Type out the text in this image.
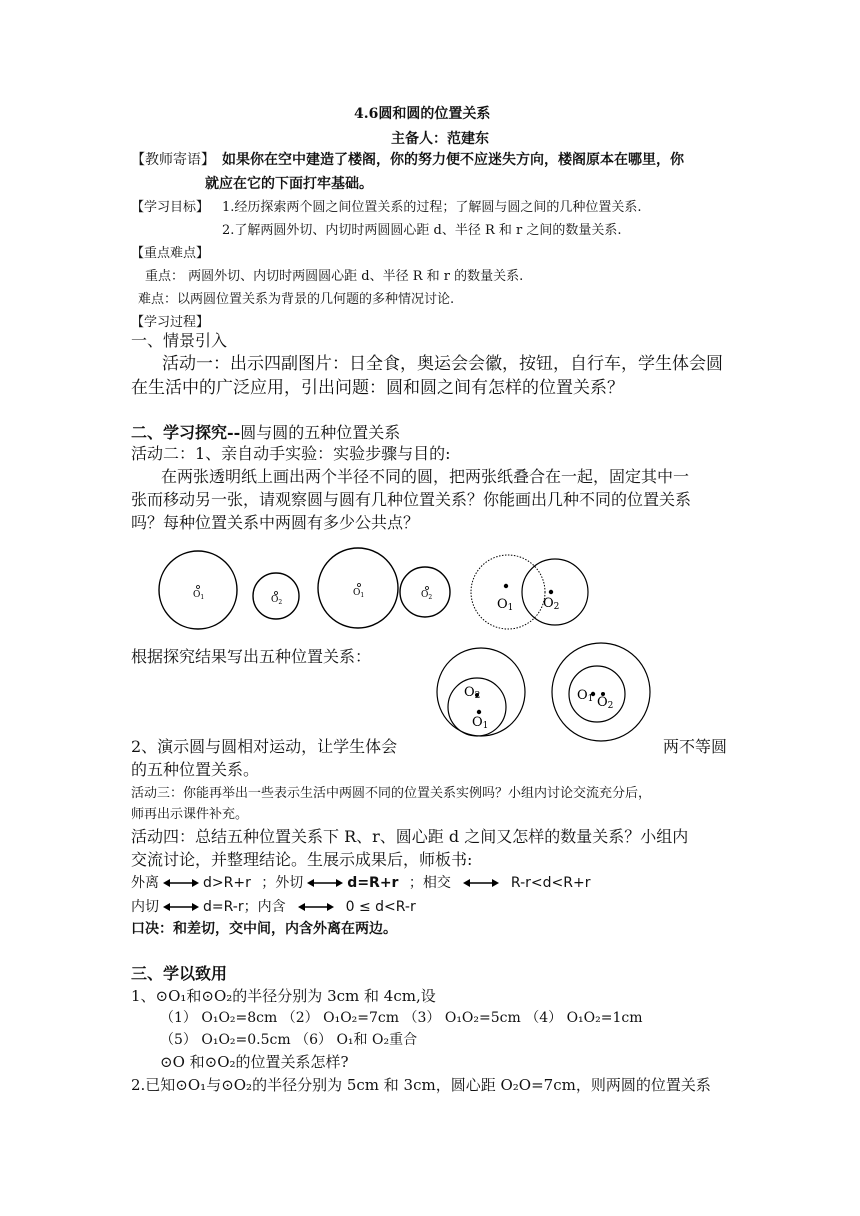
4.6圆和圆的位置关系
主备人：范建东
【教师寄语】 如果你在空中建造了楼阁，你的努力便不应迷失方向，楼阁原本在哪里，你
就应在它的下面打牢基础。
【学习目标】 1.经历探索两个圆之间位置关系的过程；了解圆与圆之间的几种位置关系.
2.了解两圆外切、内切时两圆圆心距 d、半径 R 和 r 之间的数量关系.
【重点难点】
重点： 两圆外切、内切时两圆圆心距 d、半径 R 和 r 的数量关系.
难点：以两圆位置关系为背景的几何题的多种情况讨论.
【学习过程】
一、情景引入
活动一：出示四副图片：日全食，奥运会会徽，按钮，自行车，学生体会圆
在生活中的广泛应用，引出问题：圆和圆之间有怎样的位置关系？
二、学习探究--圆与圆的五种位置关系
活动二：1、亲自动手实验：实验步骤与目的:
在两张透明纸上画出两个半径不同的圆，把两张纸叠合在一起，固定其中一
张而移动另一张，请观察圆与圆有几种位置关系？你能画出几种不同的位置关系
吗？每种位置关系中两圆有多少公共点？
$O_1$	$O_2$
$O_1$	$O_2$	O1 O2
O2
O1
O1 O2
根据探究结果写出五种位置关系：
2、演示圆与圆相对运动，让学生体会	两不等圆
的五种位置关系。
活动三：你能再举出一些表示生活中两圆不同的位置关系实例吗？小组内讨论交流充分后，
师再出示课件补充。
活动四：总结五种位置关系下 R、r、圆心距 d 之间又怎样的数量关系？小组内
交流讨论，并整理结论。生展示成果后，师板书:
外离	d>R+r ；外切	d=R+r ；相交	R-r<d<R+r
内切	d=R-r；内含	0 ≤ d<R-r
口决：和差切，交中间，内含外离在两边。
三、学以致用
1、⊙O₁和⊙O₂的半径分别为 3cm 和 4cm,设
（1） O₁O₂=8cm （2） O₁O₂=7cm （3） O₁O₂=5cm （4） O₁O₂=1cm
（5） O₁O₂=0.5cm （6） O₁和 O₂重合
⊙O 和⊙O₂的位置关系怎样?
2.已知⊙O₁与⊙O₂的半径分别为 5cm 和 3cm，圆心距 O₂O=7cm，则两圆的位置关系
